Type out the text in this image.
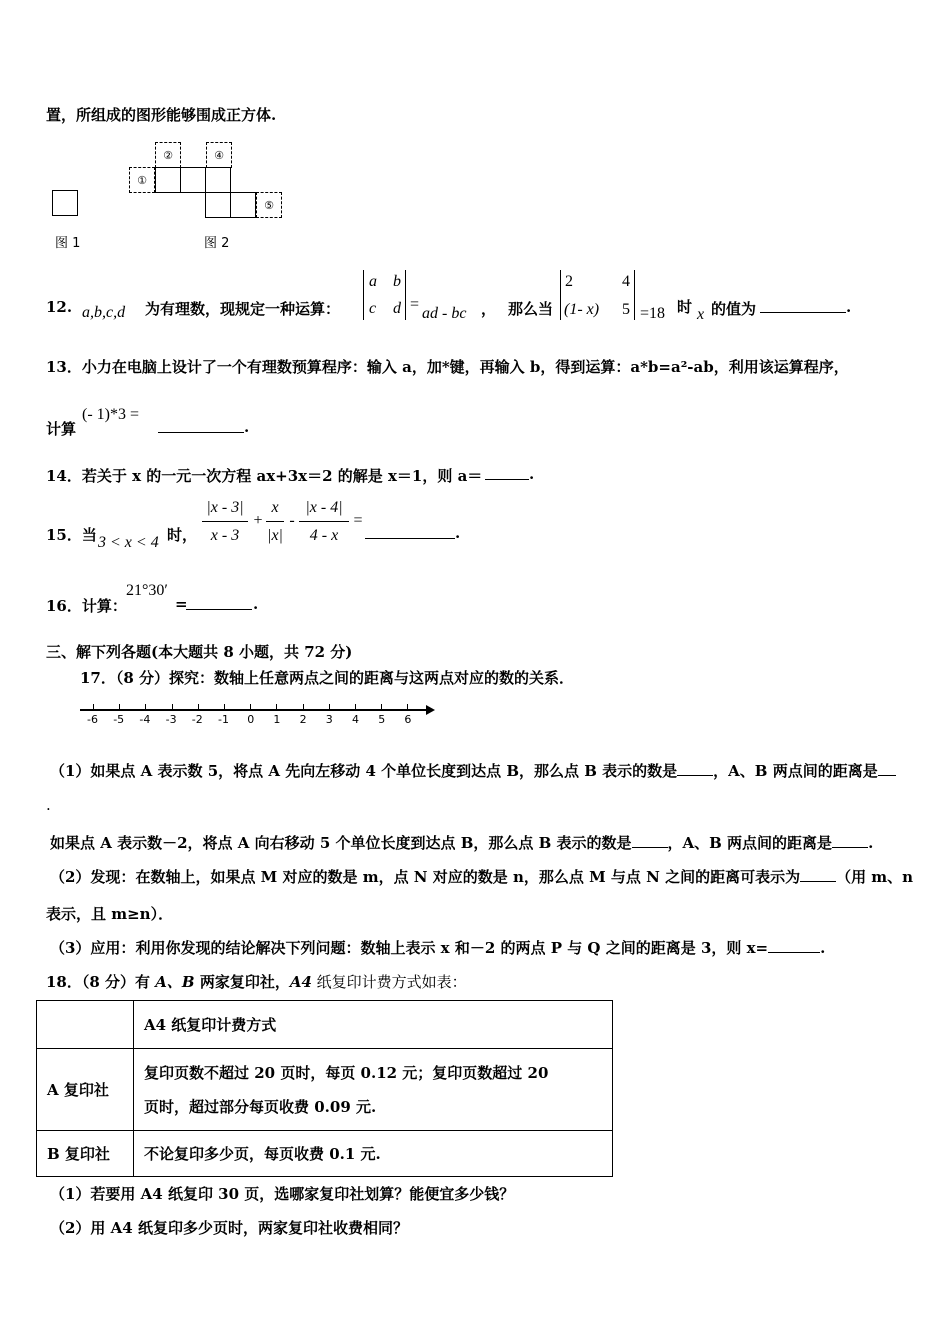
置，所组成的图形能够围成正方体.
图 1
②	④
①
⑤
图 2
12. a,b,c,d 为有理数，现规定一种运算：
a b
c d =
ad - bc ， 那么当
2	4
(1- x) 5 =18 时 x 的值为	.
13．小力在电脑上设计了一个有理数预算程序：输入 a，加*键，再输入 b，得到运算：a*b=a²-ab，利用该运算程序，
计算
(- 1)*3 =
.
14．若关于 x 的一元一次方程 ax+3x＝2 的解是 x＝1，则 a＝	.
15．当 3 < x < 4 时，
|x - 3|
x - 3
+
x
|x|
-
|x - 4|
4 - x
=
.
16．计算：
21°30′
=	.
三、解下列各题(本大题共 8 小题，共 72 分)
17．（8 分）探究：数轴上任意两点之间的距离与这两点对应的数的关系．
-6 -5 -4 -3 -2 -1 0 1 2 3 4 5 6
（1）如果点 A 表示数 5，将点 A 先向左移动 4 个单位长度到达点 B，那么点 B 表示的数是 ，A、B 两点间的距离是
.
如果点 A 表示数－2，将点 A 向右移动 5 个单位长度到达点 B，那么点 B 表示的数是 ，A、B 两点间的距离是 .
（2）发现：在数轴上，如果点 M 对应的数是 m，点 N 对应的数是 n，那么点 M 与点 N 之间的距离可表示为 （用 m、n
表示，且 m≥n）．
（3）应用：利用你发现的结论解决下列问题：数轴上表示 x 和－2 的两点 P 与 Q 之间的距离是 3，则 x=	.
18．（8 分）有 A、B 两家复印社，A4 纸复印计费方式如表：
	A4 纸复印计费方式
A 复印社	复印页数不超过 20 页时，每页 0.12 元；复印页数超过 20
页时，超过部分每页收费 0.09 元.

B 复印社	不论复印多少页，每页收费 0.1 元.
（1）若要用 A4 纸复印 30 页，选哪家复印社划算？能便宜多少钱？
（2）用 A4 纸复印多少页时，两家复印社收费相同？
